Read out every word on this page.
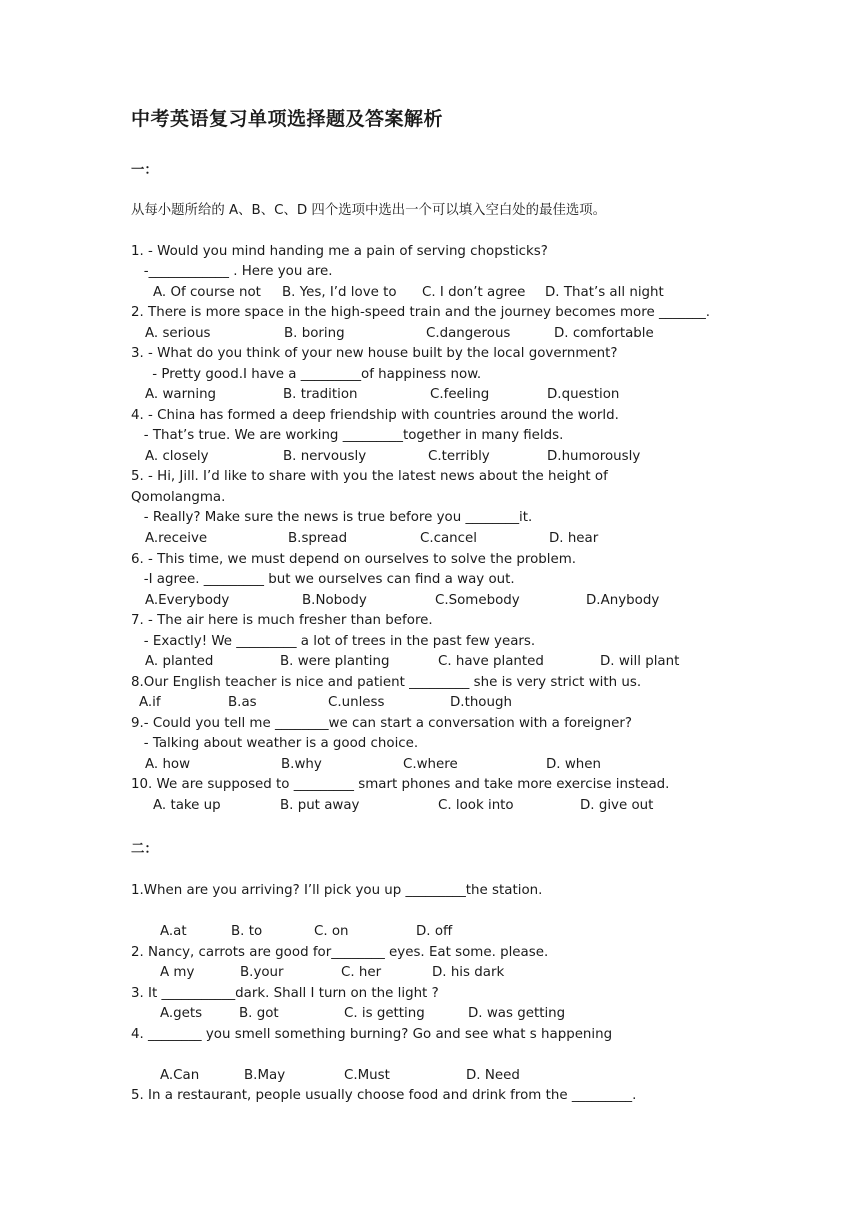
中考英语复习单项选择题及答案解析
一：
从每小题所给的 A、B、C、D 四个选项中选出一个可以填入空白处的最佳选项。
1. - Would you mind handing me a pain of serving chopsticks?
-____________ . Here you are.
A. Of course not B. Yes, I’d love to C. I don’t agree D. That’s all night
2. There is more space in the high-speed train and the journey becomes more _______.
A. serious	B. boring	C.dangerous	D. comfortable
3. - What do you think of your new house built by the local government?
- Pretty good.I have a _________of happiness now.
A. warning	B. tradition	C.feeling	D.question
4. - China has formed a deep friendship with countries around the world.
- That’s true. We are working _________together in many fields.
A. closely	B. nervously	C.terribly	D.humorously
5. - Hi, Jill. I’d like to share with you the latest news about the height of
Qomolangma.
- Really? Make sure the news is true before you ________it.
A.receive	B.spread	C.cancel	D. hear
6. - This time, we must depend on ourselves to solve the problem.
-I agree. _________ but we ourselves can find a way out.
A.Everybody	B.Nobody	C.Somebody	D.Anybody
7. - The air here is much fresher than before.
- Exactly! We _________ a lot of trees in the past few years.
A. planted	B. were planting	C. have planted	D. will plant
8.Our English teacher is nice and patient _________ she is very strict with us.
A.if	B.as	C.unless	D.though
9.- Could you tell me ________we can start a conversation with a foreigner?
- Talking about weather is a good choice.
A. how	B.why	C.where	D. when
10. We are supposed to _________ smart phones and take more exercise instead.
A. take up	B. put away	C. look into	D. give out
二：
1.When are you arriving? I’ll pick you up _________the station.
A.at	B. to	C. on	D. off
2. Nancy, carrots are good for________ eyes. Eat some. please.
A my	B.your	C. her	D. his dark
3. It ___________dark. Shall I turn on the light ?
A.gets	B. got	C. is getting	D. was getting
4. ________ you smell something burning? Go and see what s happening
A.Can	B.May	C.Must	D. Need
5. In a restaurant, people usually choose food and drink from the _________.
